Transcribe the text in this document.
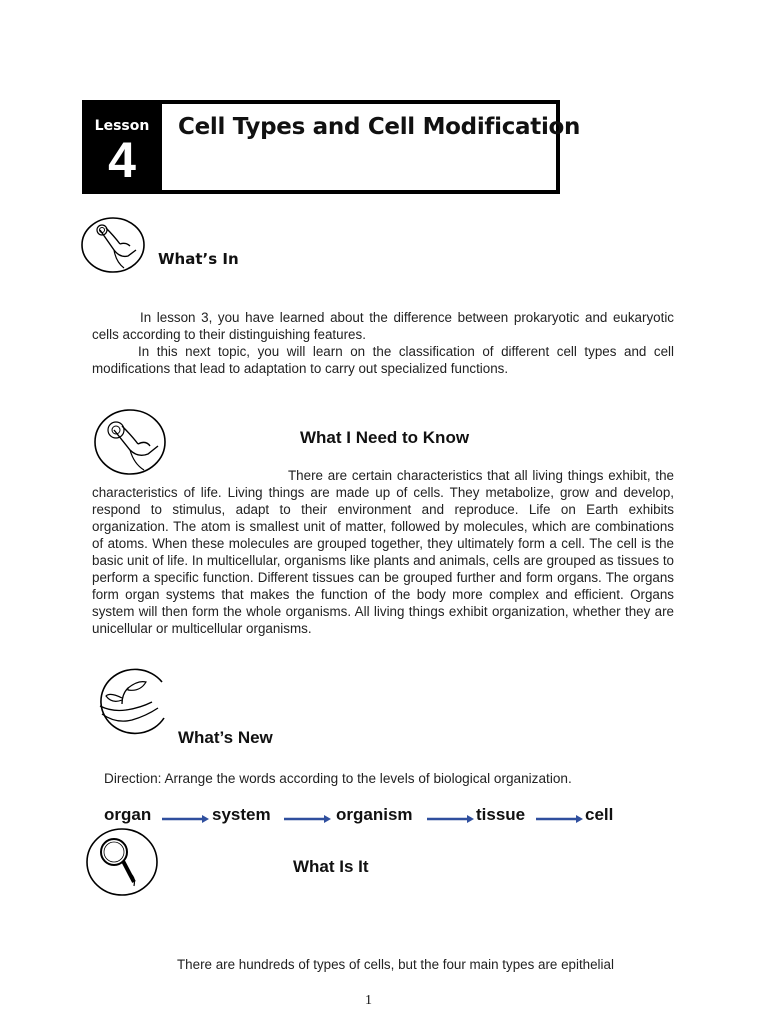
Lesson
4
Cell Types and Cell Modification
What’s In

In lesson 3, you have learned about the difference between prokaryotic and eukaryotic cells according to their distinguishing features.

In this next topic, you will learn on the classification of different cell types and cell modifications that lead to adaptation to carry out specialized functions.

What I Need to Know

There are certain characteristics that all living things exhibit, the characteristics of life. Living things are made up of cells. They metabolize, grow and develop, respond to stimulus, adapt to their environment and reproduce. Life on Earth exhibits organization. The atom is smallest unit of matter, followed by molecules, which are combinations of atoms. When these molecules are grouped together, they ultimately form a cell. The cell is the basic unit of life. In multicellular, organisms like plants and animals, cells are grouped as tissues to perform a specific function. Different tissues can be grouped further and form organs. The organs form organ systems that makes the function of the body more complex and efficient. Organs system will then form the whole organisms. All living things exhibit organization, whether they are unicellular or multicellular organisms.

What’s New
Direction: Arrange the words according to the levels of biological organization.
organ	system	organism	tissue	cell
What Is It
There are hundreds of types of cells, but the four main types are epithelial
1
